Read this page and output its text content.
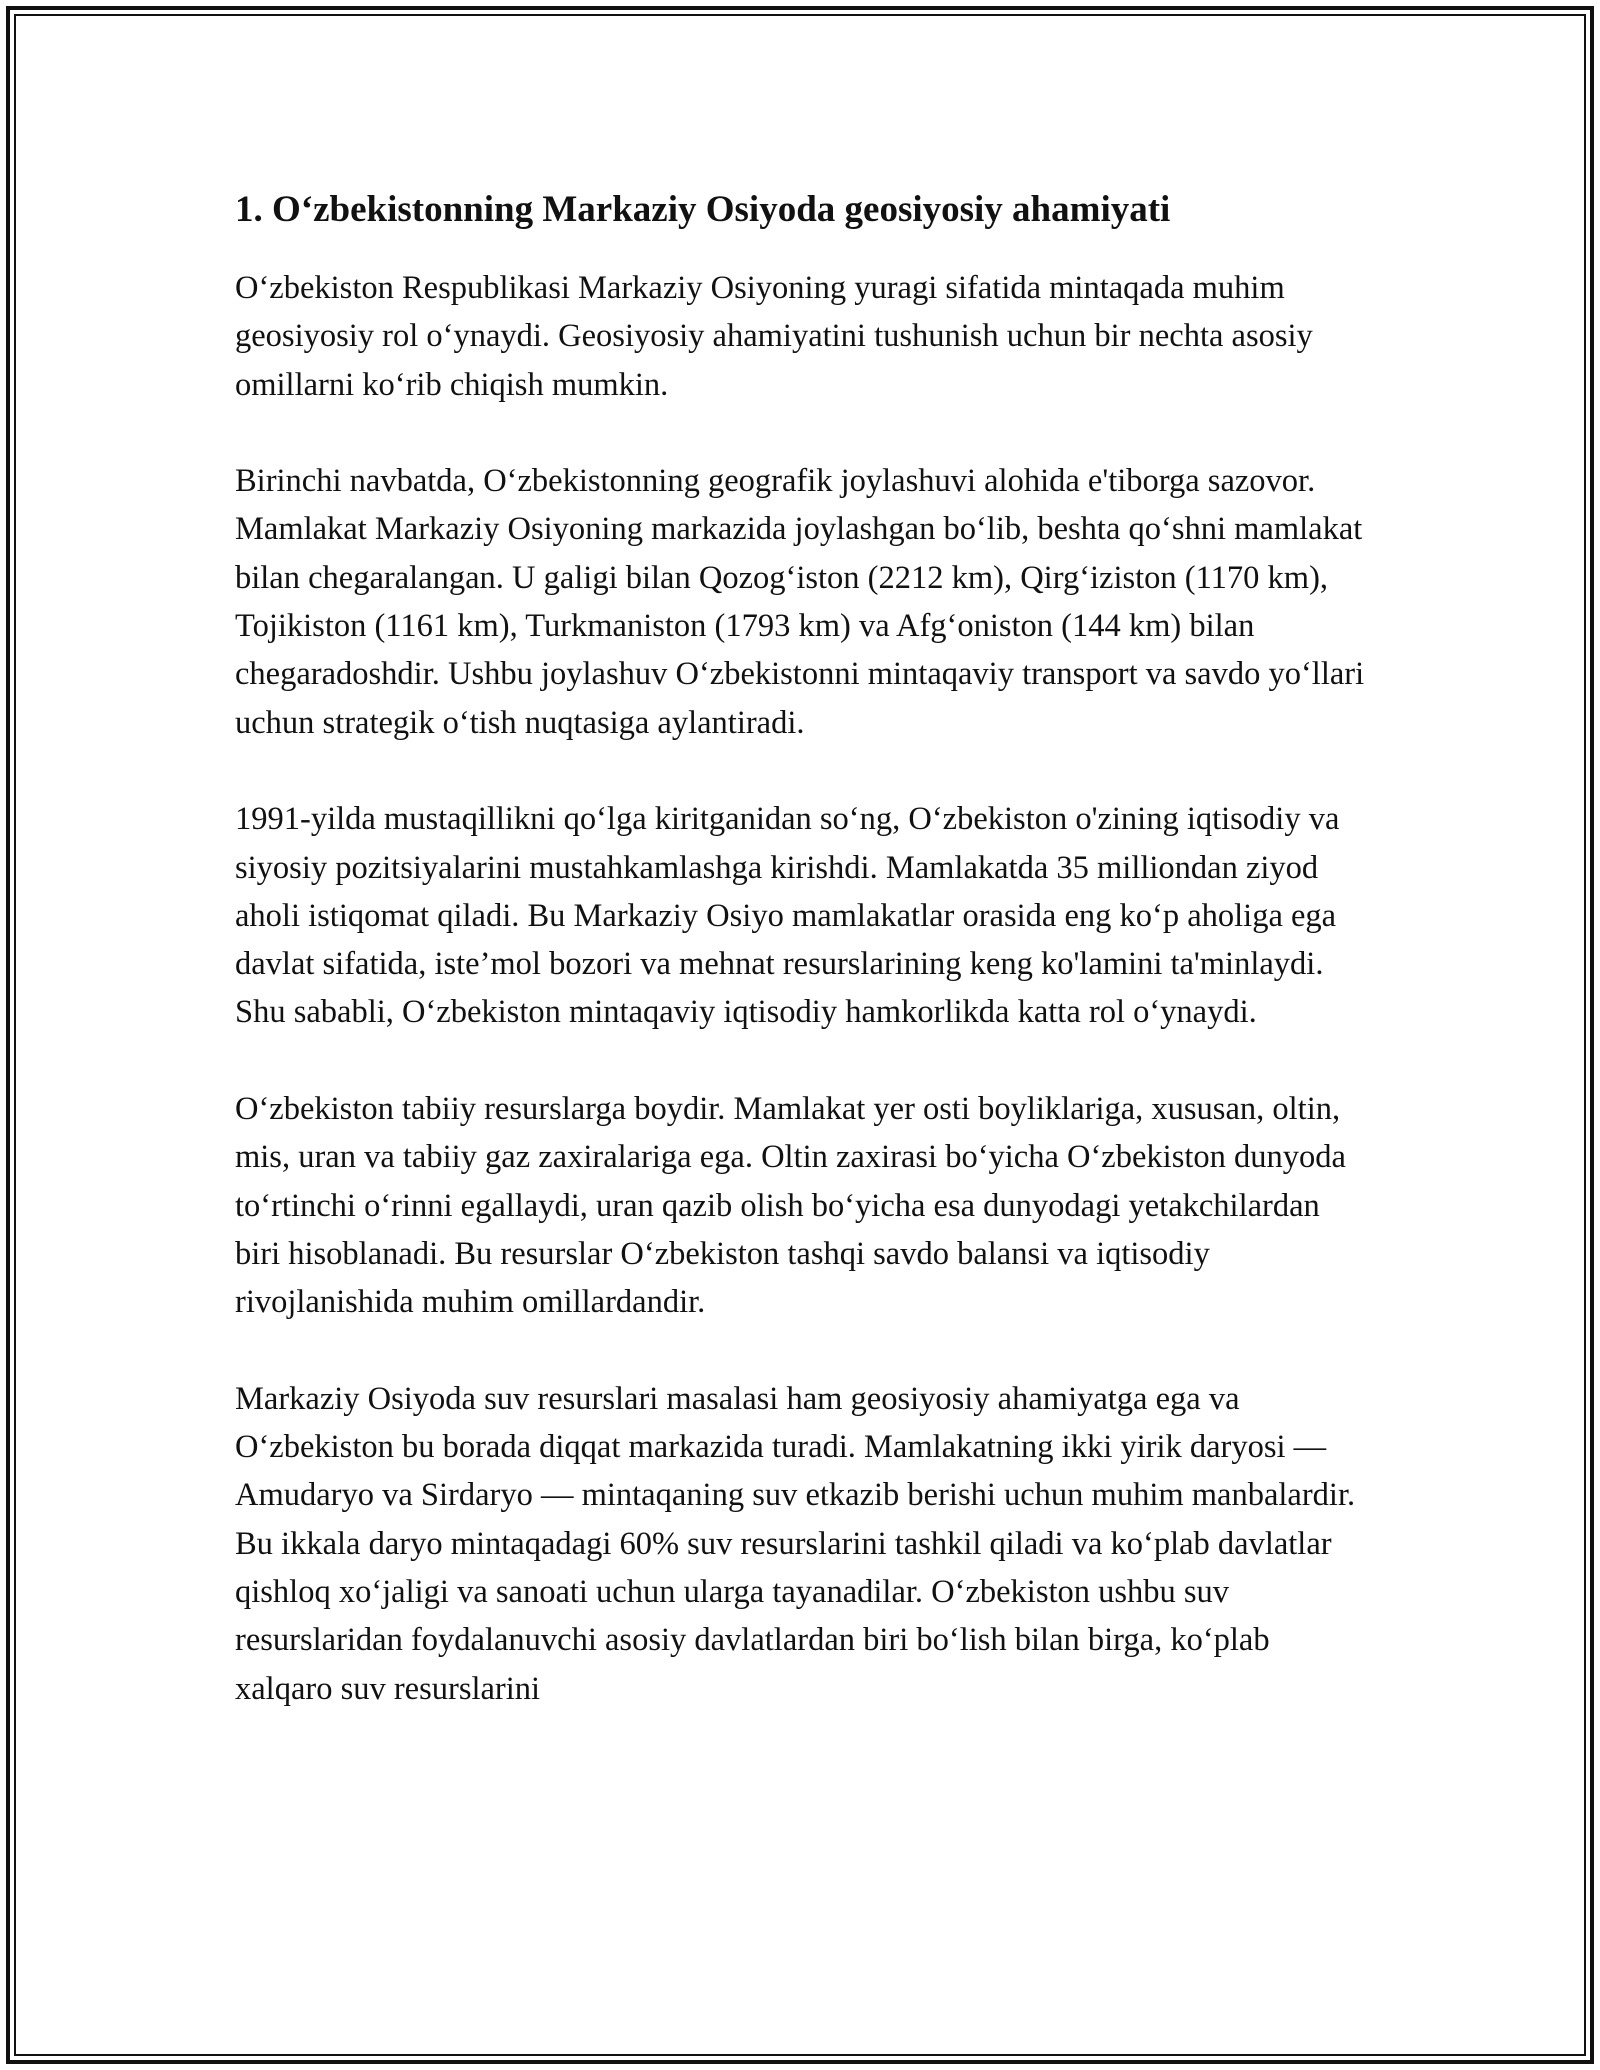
1. O‘zbekistonning Markaziy Osiyoda geosiyosiy ahamiyati

O‘zbekiston Respublikasi Markaziy Osiyoning yuragi sifatida mintaqada muhim geosiyosiy rol o‘ynaydi. Geosiyosiy ahamiyatini tushunish uchun bir nechta asosiy omillarni ko‘rib chiqish mumkin.

Birinchi navbatda, O‘zbekistonning geografik joylashuvi alohida e'tiborga sazovor. Mamlakat Markaziy Osiyoning markazida joylashgan bo‘lib, beshta qo‘shni mamlakat bilan chegaralangan. U galigi bilan Qozog‘iston (2212 km), Qirg‘iziston (1170 km), Tojikiston (1161 km), Turkmaniston (1793 km) va Afg‘oniston (144 km) bilan chegaradoshdir. Ushbu joylashuv O‘zbekistonni mintaqaviy transport va savdo yo‘llari uchun strategik o‘tish nuqtasiga aylantiradi.

1991-yilda mustaqillikni qo‘lga kiritganidan so‘ng, O‘zbekiston o'zining iqtisodiy va siyosiy pozitsiyalarini mustahkamlashga kirishdi. Mamlakatda 35 milliondan ziyod aholi istiqomat qiladi. Bu Markaziy Osiyo mamlakatlar orasida eng ko‘p aholiga ega davlat sifatida, iste’mol bozori va mehnat resurslarining keng ko'lamini ta'minlaydi. Shu sababli, O‘zbekiston mintaqaviy iqtisodiy hamkorlikda katta rol o‘ynaydi.

O‘zbekiston tabiiy resurslarga boydir. Mamlakat yer osti boyliklariga, xususan, oltin, mis, uran va tabiiy gaz zaxiralariga ega. Oltin zaxirasi bo‘yicha O‘zbekiston dunyoda to‘rtinchi o‘rinni egallaydi, uran qazib olish bo‘yicha esa dunyodagi yetakchilardan biri hisoblanadi. Bu resurslar O‘zbekiston tashqi savdo balansi va iqtisodiy rivojlanishida muhim omillardandir.

Markaziy Osiyoda suv resurslari masalasi ham geosiyosiy ahamiyatga ega va O‘zbekiston bu borada diqqat markazida turadi. Mamlakatning ikki yirik daryosi — Amudaryo va Sirdaryo — mintaqaning suv etkazib berishi uchun muhim manbalardir. Bu ikkala daryo mintaqadagi 60% suv resurslarini tashkil qiladi va ko‘plab davlatlar qishloq xo‘jaligi va sanoati uchun ularga tayanadilar. O‘zbekiston ushbu suv resurslaridan foydalanuvchi asosiy davlatlardan biri bo‘lish bilan birga, ko‘plab xalqaro suv resurslarini
